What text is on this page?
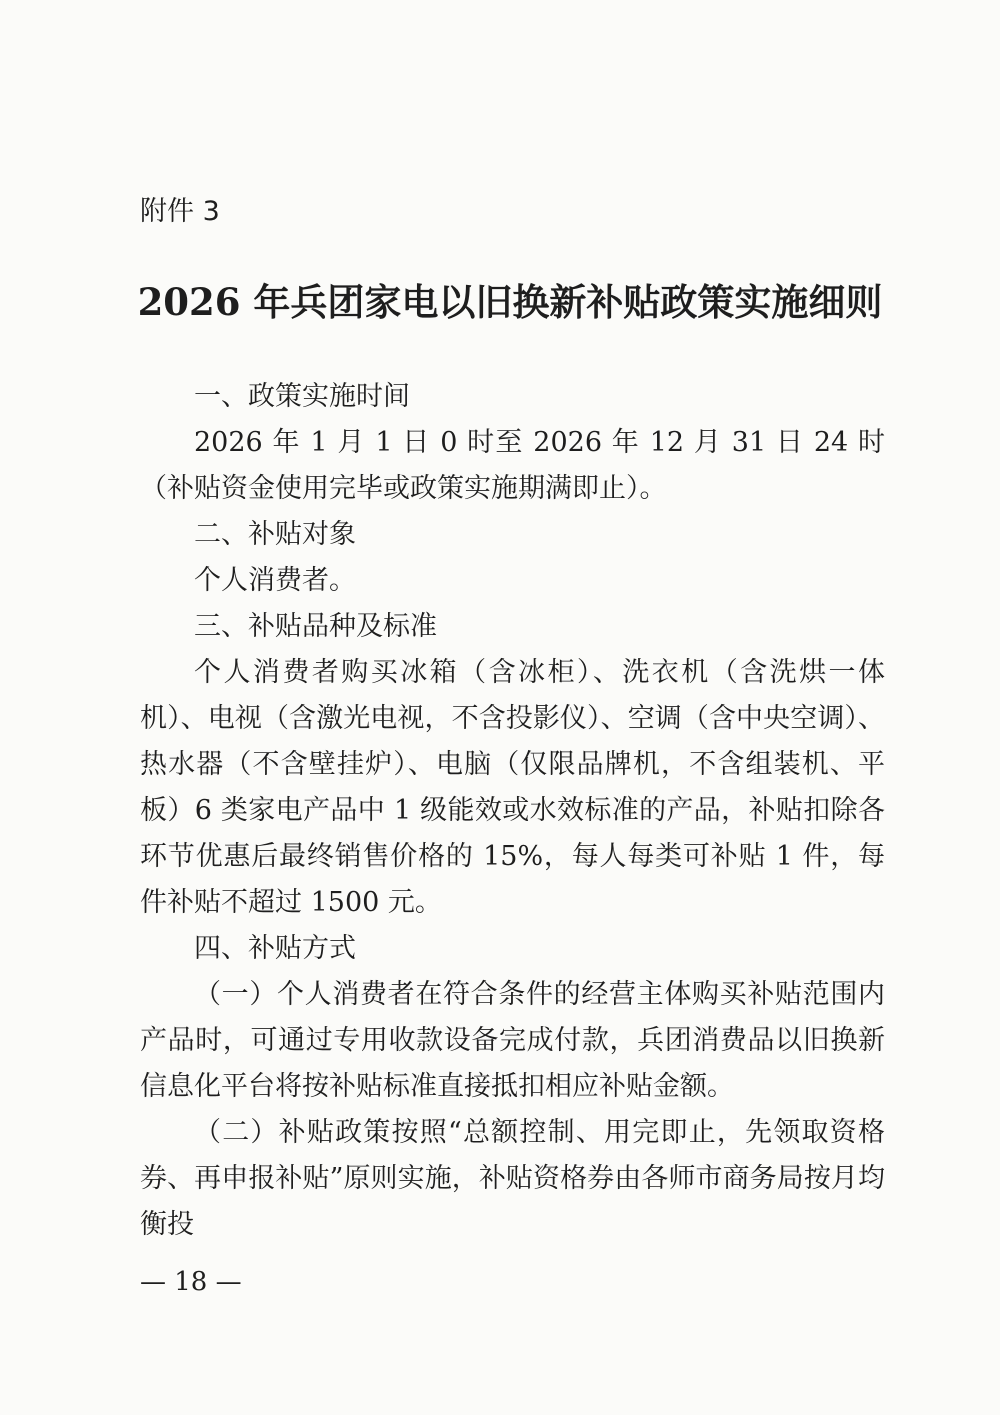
附件 3

2026 年兵团家电以旧换新补贴政策实施细则

一、政策实施时间

2026 年 1 月 1 日 0 时至 2026 年 12 月 31 日 24 时（补贴资金使用完毕或政策实施期满即止）。

二、补贴对象

个人消费者。

三、补贴品种及标准

个人消费者购买冰箱（含冰柜）、洗衣机（含洗烘一体机）、电视（含激光电视，不含投影仪）、空调（含中央空调）、热水器（不含壁挂炉）、电脑（仅限品牌机，不含组装机、平板）6 类家电产品中 1 级能效或水效标准的产品，补贴扣除各环节优惠后最终销售价格的 15%，每人每类可补贴 1 件，每件补贴不超过 1500 元。

四、补贴方式

（一）个人消费者在符合条件的经营主体购买补贴范围内产品时，可通过专用收款设备完成付款，兵团消费品以旧换新信息化平台将按补贴标准直接抵扣相应补贴金额。

（二）补贴政策按照“总额控制、用完即止，先领取资格券、再申报补贴”原则实施，补贴资格券由各师市商务局按月均衡投

— 18 —
